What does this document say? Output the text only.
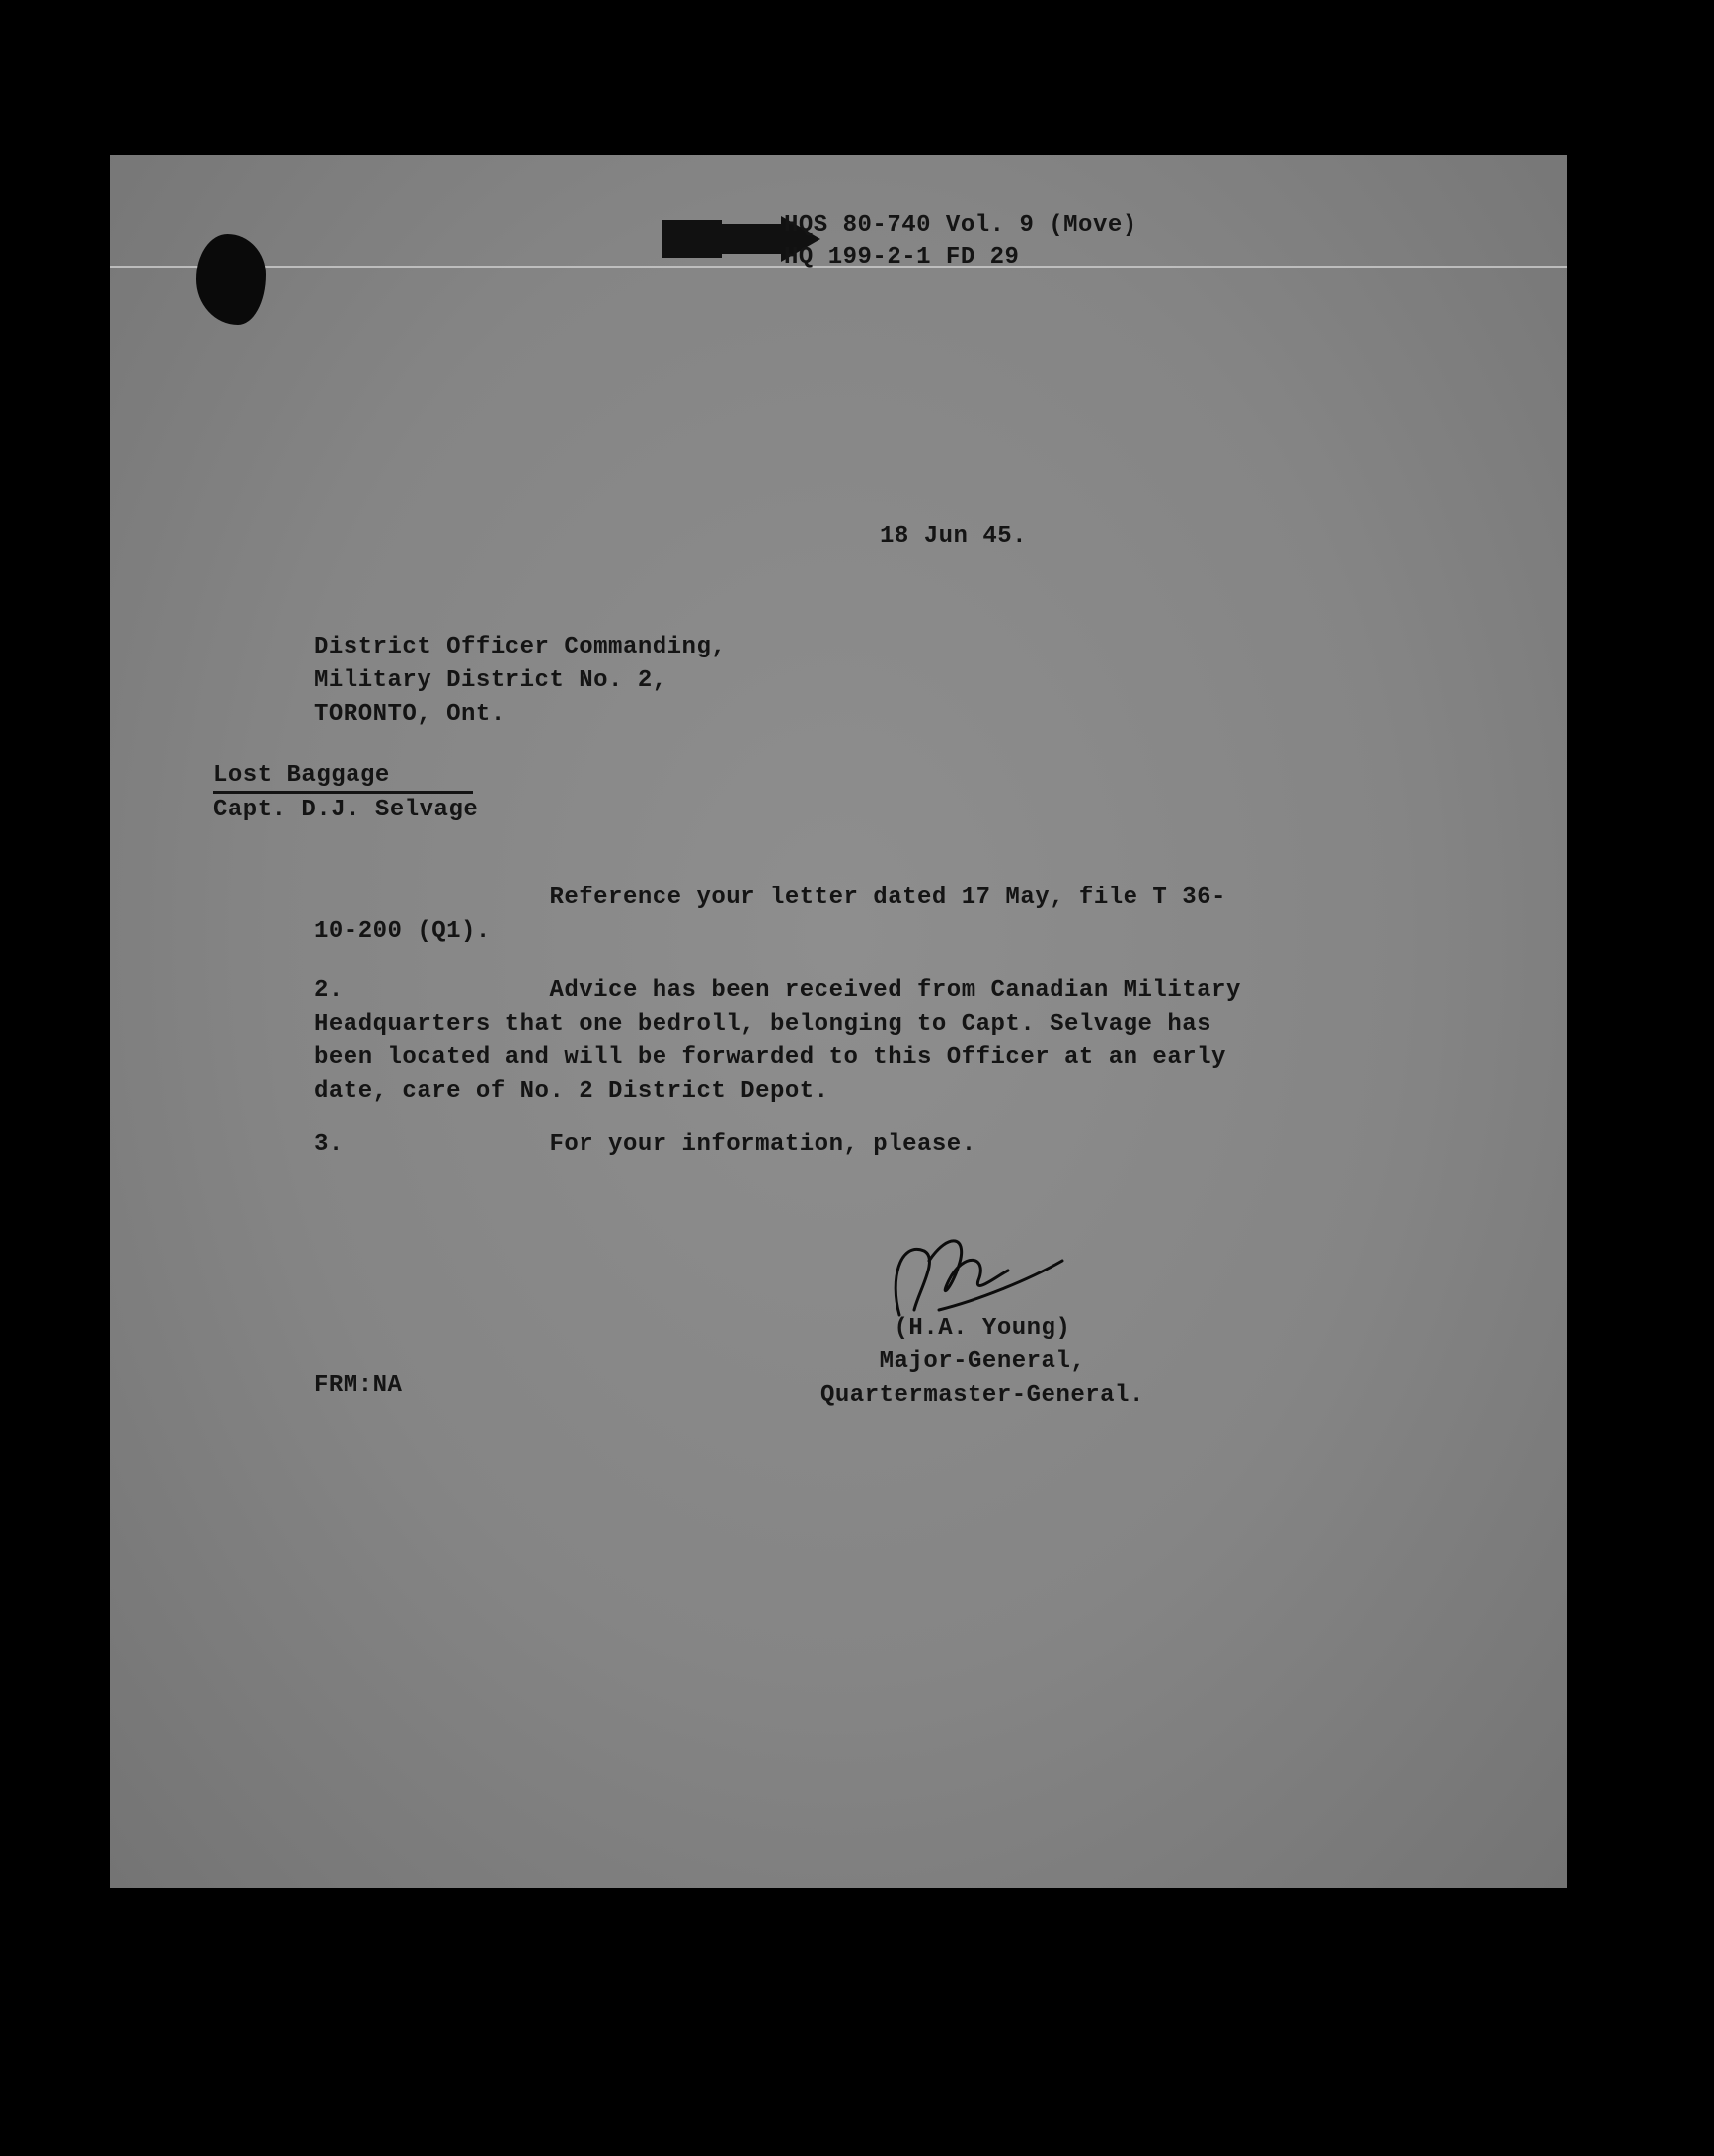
HQS 80-740 Vol. 9 (Move)
HQ 199-2-1 FD 29
18 Jun 45.
District Officer Commanding,
Military District No. 2,
TORONTO, Ont.
Lost Baggage
Capt. D.J. Selvage
Reference your letter dated 17 May, file T 36-
10-200 (Q1).
2.              Advice has been received from Canadian Military
Headquarters that one bedroll, belonging to Capt. Selvage has
been located and will be forwarded to this Officer at an early
date, care of No. 2 District Depot.
3.              For your information, please.
(H.A. Young)
Major-General,
Quartermaster-General.
FRM:NA
